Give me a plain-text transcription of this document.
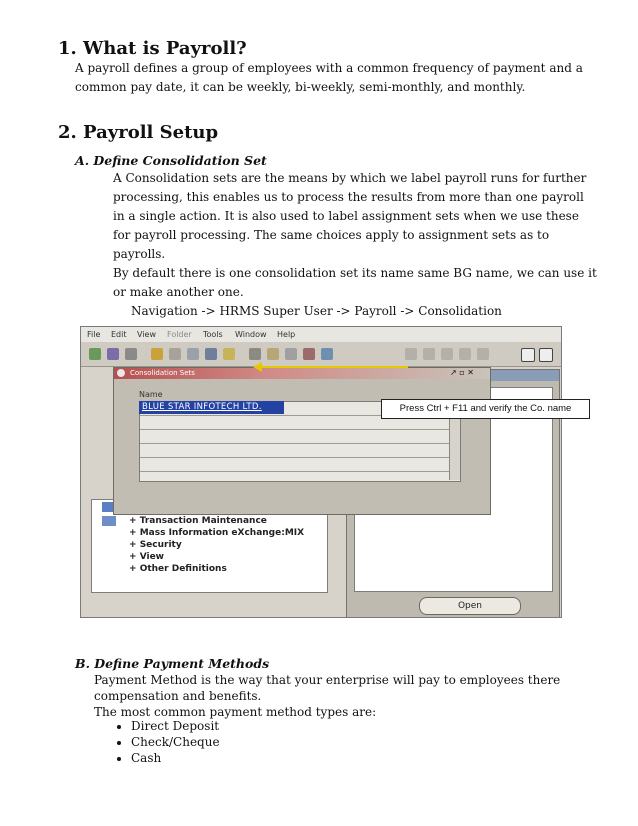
1. What is Payroll?
A payroll defines a group of employees with a common frequency of payment and a
common pay date, it can be weekly, bi-weekly, semi-monthly, and monthly.
2. Payroll Setup
A. Define Consolidation Set
A Consolidation sets are the means by which we label payroll runs for further
processing, this enables us to process the results from more than one payroll
in a single action. It is also used to label assignment sets when we use these
for payroll processing. The same choices apply to assignment sets as to
payrolls.
By default there is one consolidation set its name same BG name, we can use it
or make another one.
Navigation -> HRMS Super User -> Payroll -> Consolidation
File Edit View Folder Tools Window Help
+ Transaction Maintenance
+ Mass Information eXchange:MIX
+ Security
+ View
+ Other Definitions
Open
Consolidation Sets	↗ ▫ ✕
Name
BLUE STAR INFOTECH LTD.	Press Ctrl + F11 and verify the Co. name
B. Define Payment Methods
Payment Method is the way that your enterprise will pay to employees there
compensation and benefits.
The most common payment method types are:
• Direct Deposit
• Check/Cheque
• Cash
